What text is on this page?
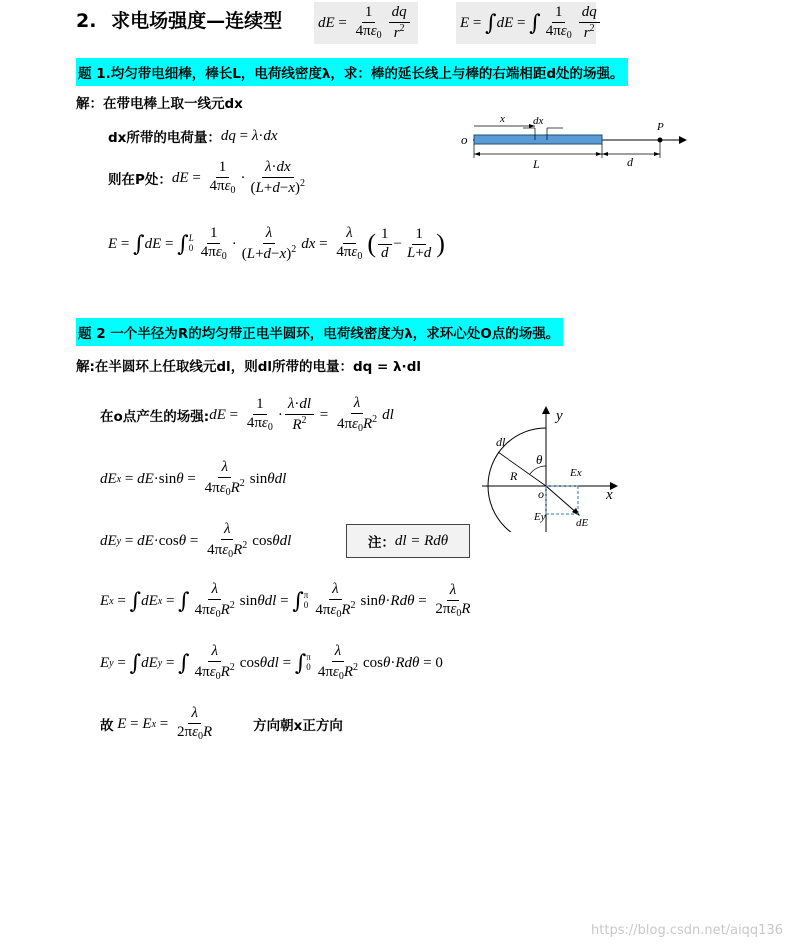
2. 求电场强度—连续型 dE = $\frac{1}{4\pi\varepsilon_0} \frac{dq}{r^2}$	E = ∫ dE = ∫ $\frac{1}{4\pi\varepsilon_0} \frac{dq}{r^2}$
题 1.均匀带电细棒，棒长L，电荷线密度λ，求：棒的延长线上与棒的右端相距d处的场强。
解：在带电棒上取一线元dx
dx所带的电荷量： dq = λ·dx
则在P处： dE = $\frac{1}{4\pi\varepsilon_0} \cdot \frac{\lambda\cdot dx}{(L+d-x)^2}$
E = ∫ dE = ∫ L
$0 \frac{1}{4\pi\varepsilon_0} \cdot \frac{\lambda}{(L+d-x)^2}$ dx = $\frac{\lambda}{4\pi\varepsilon_0}$ ( $\frac{1}{d} - \frac{1}{L+d}$ )
o
x	dx
L	d
P
题 2 一个半径为R的均匀带正电半圆环，电荷线密度为λ，求环心处O点的场强。
解:在半圆环上任取线元dl，则dl所带的电量：dq = λ·dl
在o点产生的场强: dE = $\frac{1}{4\pi\varepsilon_0} \cdot \frac{\lambda\cdot dl}{R^2} = \frac{\lambda}{4\pi\varepsilon_0R^2}$ dl
dE x = dE ·sin $\theta = \frac{\lambda}{4\pi\varepsilon_0R^2}$ sin θdl
dE y = dE ·cos $\theta = \frac{\lambda}{4\pi\varepsilon_0R^2}$ cos θdl	注： dl = Rdθ
E x = ∫ dE x = ∫ $\frac{\lambda}{4\pi\varepsilon_0R^2}$ sin θdl = ∫ π
$0 \frac{\lambda}{4\pi\varepsilon_0R^2}$ $\sin \theta \cdot Rd\theta = \frac{\lambda}{2\pi\varepsilon_0R}$
E y = ∫ dE y = ∫ $\frac{\lambda}{4\pi\varepsilon_0R^2}$ cos θdl = ∫ π
$0 \frac{\lambda}{4\pi\varepsilon_0R^2}$ cos θ · Rdθ = 0
故
E = E $x = \frac{\lambda}{2\pi\varepsilon_0R}$	方向朝x正方向
y
x
o
R
dl
θ
Ex
Ey	dE
https://blog.csdn.net/aiqq136
